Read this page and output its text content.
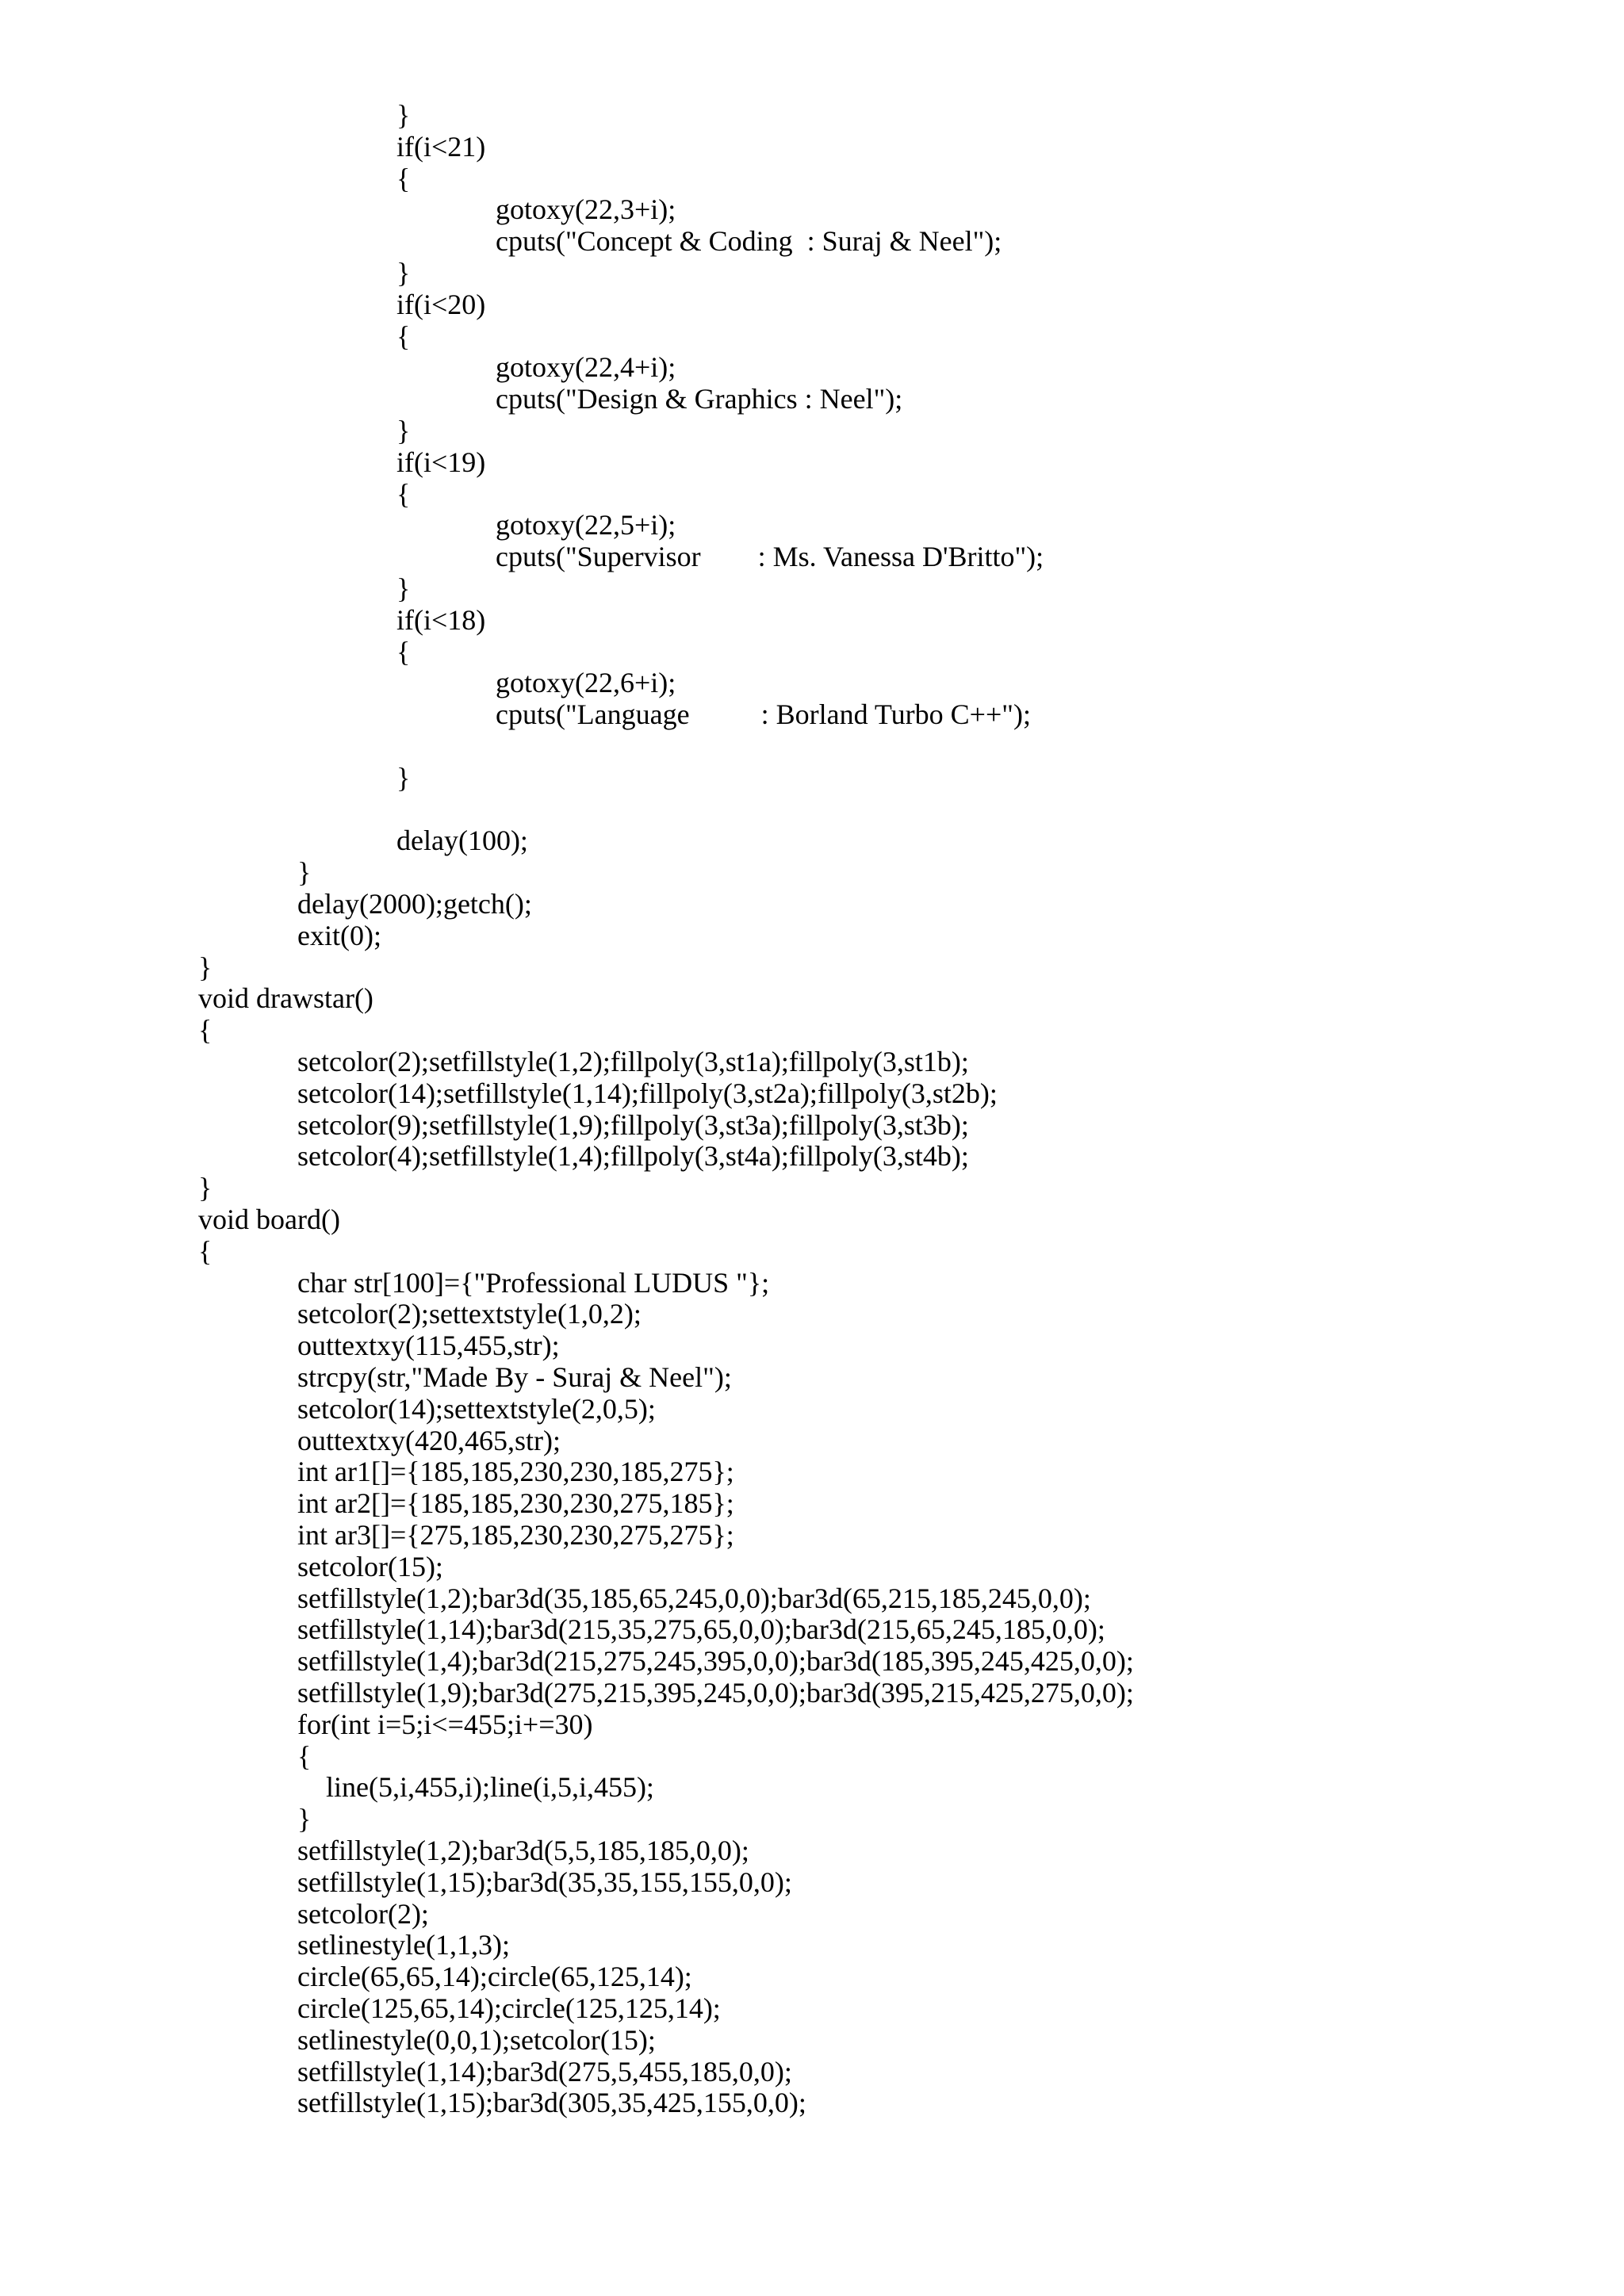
}
if(i<21)
{
gotoxy(22,3+i);
cputs("Concept & Coding  : Suraj & Neel");
}
if(i<20)
{
gotoxy(22,4+i);
cputs("Design & Graphics : Neel");
}
if(i<19)
{
gotoxy(22,5+i);
cputs("Supervisor        : Ms. Vanessa D'Britto");
}
if(i<18)
{
gotoxy(22,6+i);
cputs("Language          : Borland Turbo C++");
}
delay(100);
}
delay(2000);getch();
exit(0);
}
void drawstar()
{
setcolor(2);setfillstyle(1,2);fillpoly(3,st1a);fillpoly(3,st1b);
setcolor(14);setfillstyle(1,14);fillpoly(3,st2a);fillpoly(3,st2b);
setcolor(9);setfillstyle(1,9);fillpoly(3,st3a);fillpoly(3,st3b);
setcolor(4);setfillstyle(1,4);fillpoly(3,st4a);fillpoly(3,st4b);
}
void board()
{
char str[100]={"Professional LUDUS "};
setcolor(2);settextstyle(1,0,2);
outtextxy(115,455,str);
strcpy(str,"Made By - Suraj & Neel");
setcolor(14);settextstyle(2,0,5);
outtextxy(420,465,str);
int ar1[]={185,185,230,230,185,275};
int ar2[]={185,185,230,230,275,185};
int ar3[]={275,185,230,230,275,275};
setcolor(15);
setfillstyle(1,2);bar3d(35,185,65,245,0,0);bar3d(65,215,185,245,0,0);
setfillstyle(1,14);bar3d(215,35,275,65,0,0);bar3d(215,65,245,185,0,0);
setfillstyle(1,4);bar3d(215,275,245,395,0,0);bar3d(185,395,245,425,0,0);
setfillstyle(1,9);bar3d(275,215,395,245,0,0);bar3d(395,215,425,275,0,0);
for(int i=5;i<=455;i+=30)
{
line(5,i,455,i);line(i,5,i,455);
}
setfillstyle(1,2);bar3d(5,5,185,185,0,0);
setfillstyle(1,15);bar3d(35,35,155,155,0,0);
setcolor(2);
setlinestyle(1,1,3);
circle(65,65,14);circle(65,125,14);
circle(125,65,14);circle(125,125,14);
setlinestyle(0,0,1);setcolor(15);
setfillstyle(1,14);bar3d(275,5,455,185,0,0);
setfillstyle(1,15);bar3d(305,35,425,155,0,0);
